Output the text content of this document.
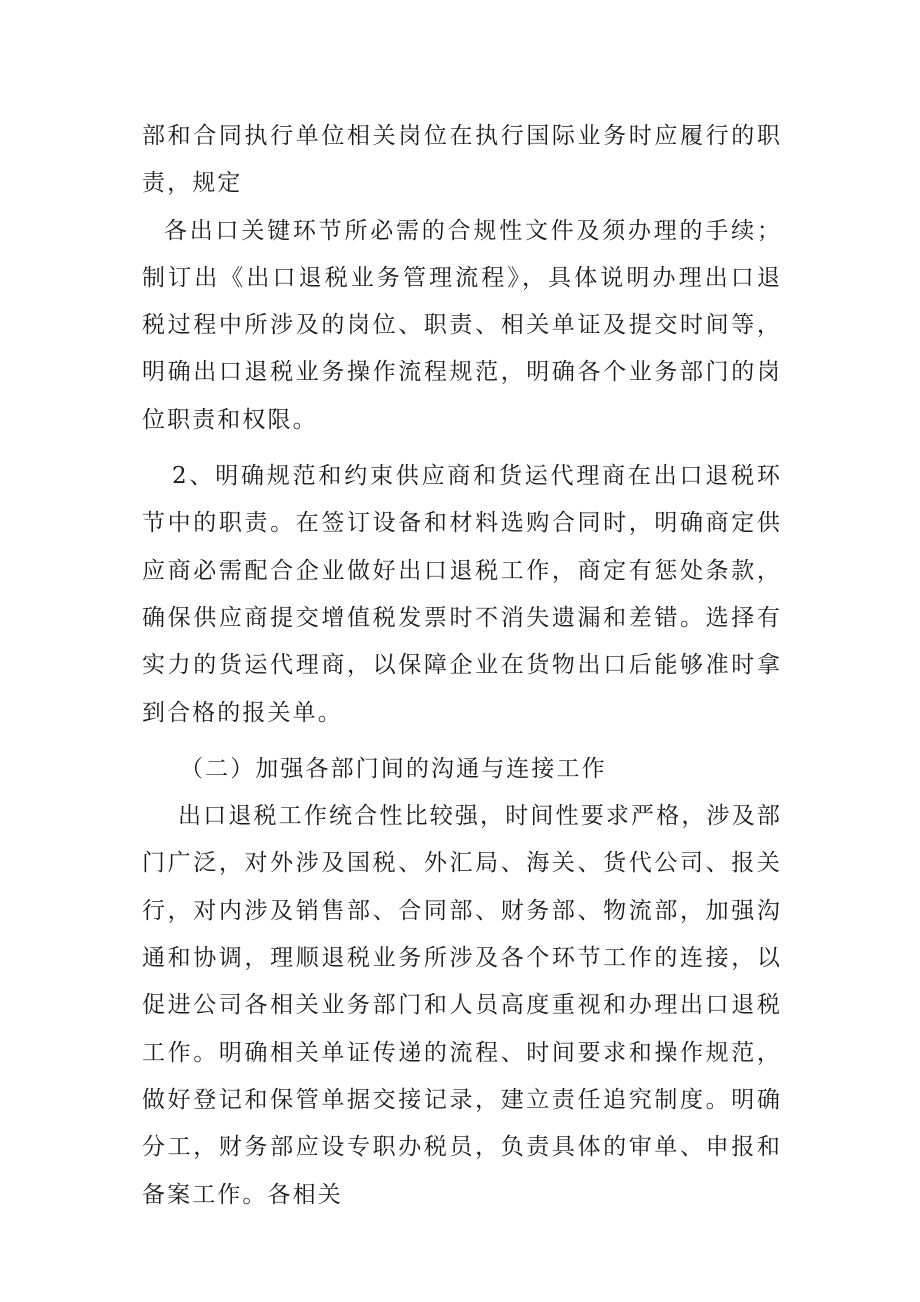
部和合同执行单位相关岗位在执行国际业务时应履行的职责，规定

各出口关键环节所必需的合规性文件及须办理的手续；制订出《出口退税业务管理流程》，具体说明办理出口退税过程中所涉及的岗位、职责、相关单证及提交时间等，明确出口退税业务操作流程规范，明确各个业务部门的岗位职责和权限。

2、明确规范和约束供应商和货运代理商在出口退税环节中的职责。在签订设备和材料选购合同时，明确商定供应商必需配合企业做好出口退税工作，商定有惩处条款，确保供应商提交增值税发票时不消失遗漏和差错。选择有实力的货运代理商，以保障企业在货物出口后能够准时拿到合格的报关单。

（二）加强各部门间的沟通与连接工作

出口退税工作统合性比较强，时间性要求严格，涉及部门广泛，对外涉及国税、外汇局、海关、货代公司、报关行，对内涉及销售部、合同部、财务部、物流部，加强沟通和协调，理顺退税业务所涉及各个环节工作的连接，以促进公司各相关业务部门和人员高度重视和办理出口退税工作。明确相关单证传递的流程、时间要求和操作规范，做好登记和保管单据交接记录，建立责任追究制度。明确分工，财务部应设专职办税员，负责具体的审单、申报和备案工作。各相关
